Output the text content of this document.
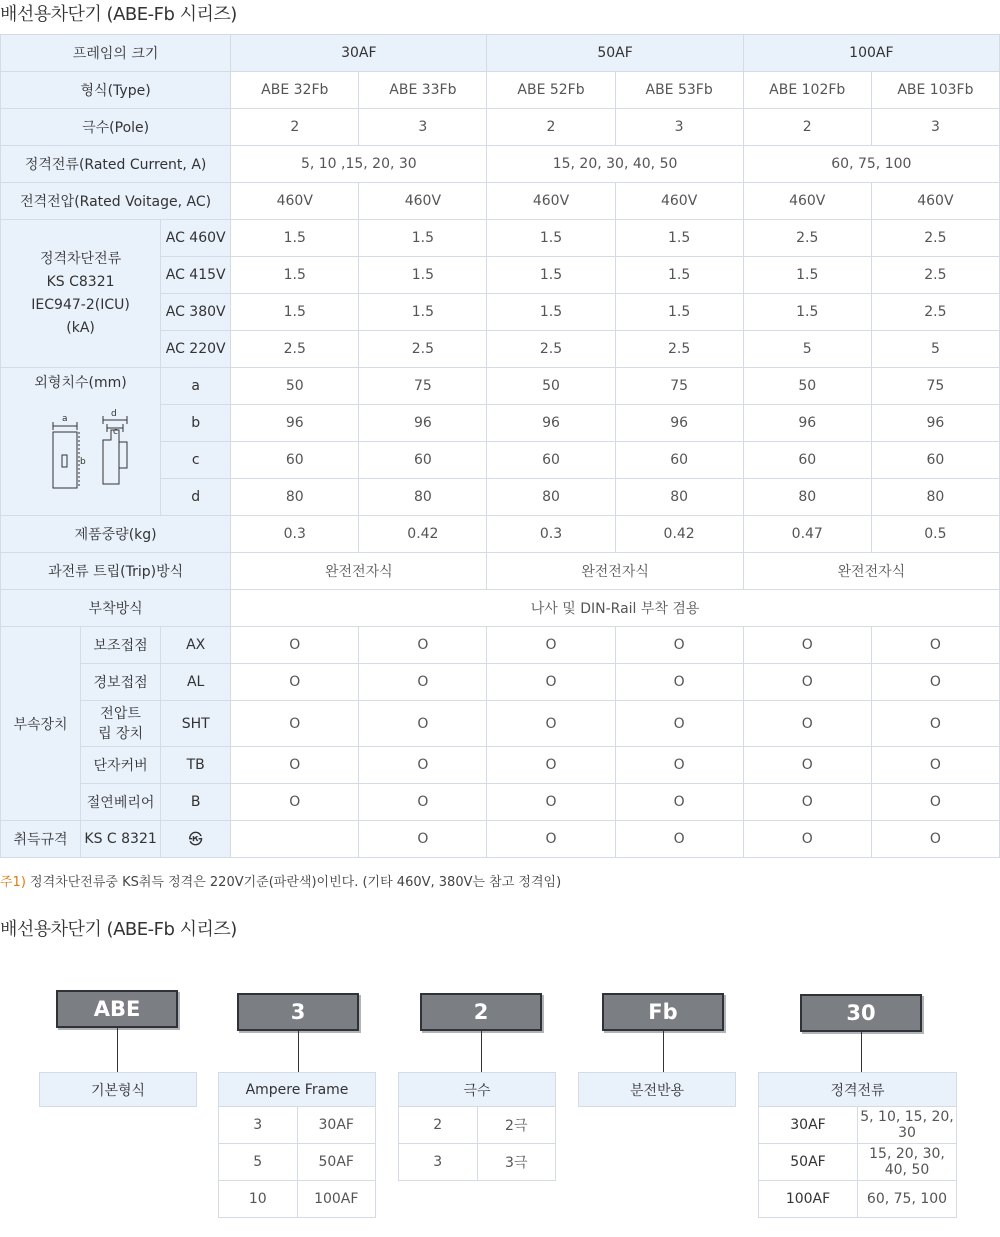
배선용차단기 (ABE-Fb 시리즈)
프레임의 크기			30AF		50AF		100AF	
형식(Type)			ABE 32Fb	ABE 33Fb	ABE 52Fb	ABE 53Fb	ABE 102Fb	ABE 103Fb
극수(Pole)			2	3	2	3	2	3
정격전류(Rated Current, A)			5, 10 ,15, 20, 30		15, 20, 30, 40, 50		60, 75, 100	
전격전압(Rated Voitage, AC)			460V	460V	460V	460V	460V	460V

정격차단전류
KS C8321
IEC947-2(ICU)
(kA)		AC 460V	1.5	1.5	1.5	1.5	2.5	2.5
		AC 415V	1.5	1.5	1.5	1.5	1.5	2.5
		AC 380V	1.5	1.5	1.5	1.5	1.5	2.5
		AC 220V	2.5	2.5	2.5	2.5	5	5

외형치수(mm)
a
b
d
c		a	50	75	50	75	50	75
		b	96	96	96	96	96	96
		c	60	60	60	60	60	60
		d	80	80	80	80	80	80
제품중량(kg)			0.3	0.42	0.3	0.42	0.47	0.5
과전류 트립(Trip)방식			완전전자식		완전전자식		완전전자식	
부착방식			나사 및 DIN-Rail 부착 겸용					
부속장치	보조접점	AX	O	O	O	O	O	O
	경보접점	AL	O	O	O	O	O	O
	전압트립 장치	SHT	O	O	O	O	O	O
	단자커버	TB	O	O	O	O	O	O
	절연베리어	B	O	O	O	O	O	O
취득규격	KS C 8321	㉿		O	O	O	O	O
주1) 정격차단전류중 KS취득 정격은 220V기준(파란색)이빈다. (기타 460V, 380V는 참고 정격임)
배선용차단기 (ABE-Fb 시리즈)
ABE
기본형식
3
Ampere Frame	
3	30AF
5	50AF
10	100AF
2
극수	
2	2극
3	3극
Fb
분전반용
30
정격전류	
30AF	5, 10, 15, 20, 30
50AF	15, 20, 30, 40, 50
100AF	60, 75, 100
